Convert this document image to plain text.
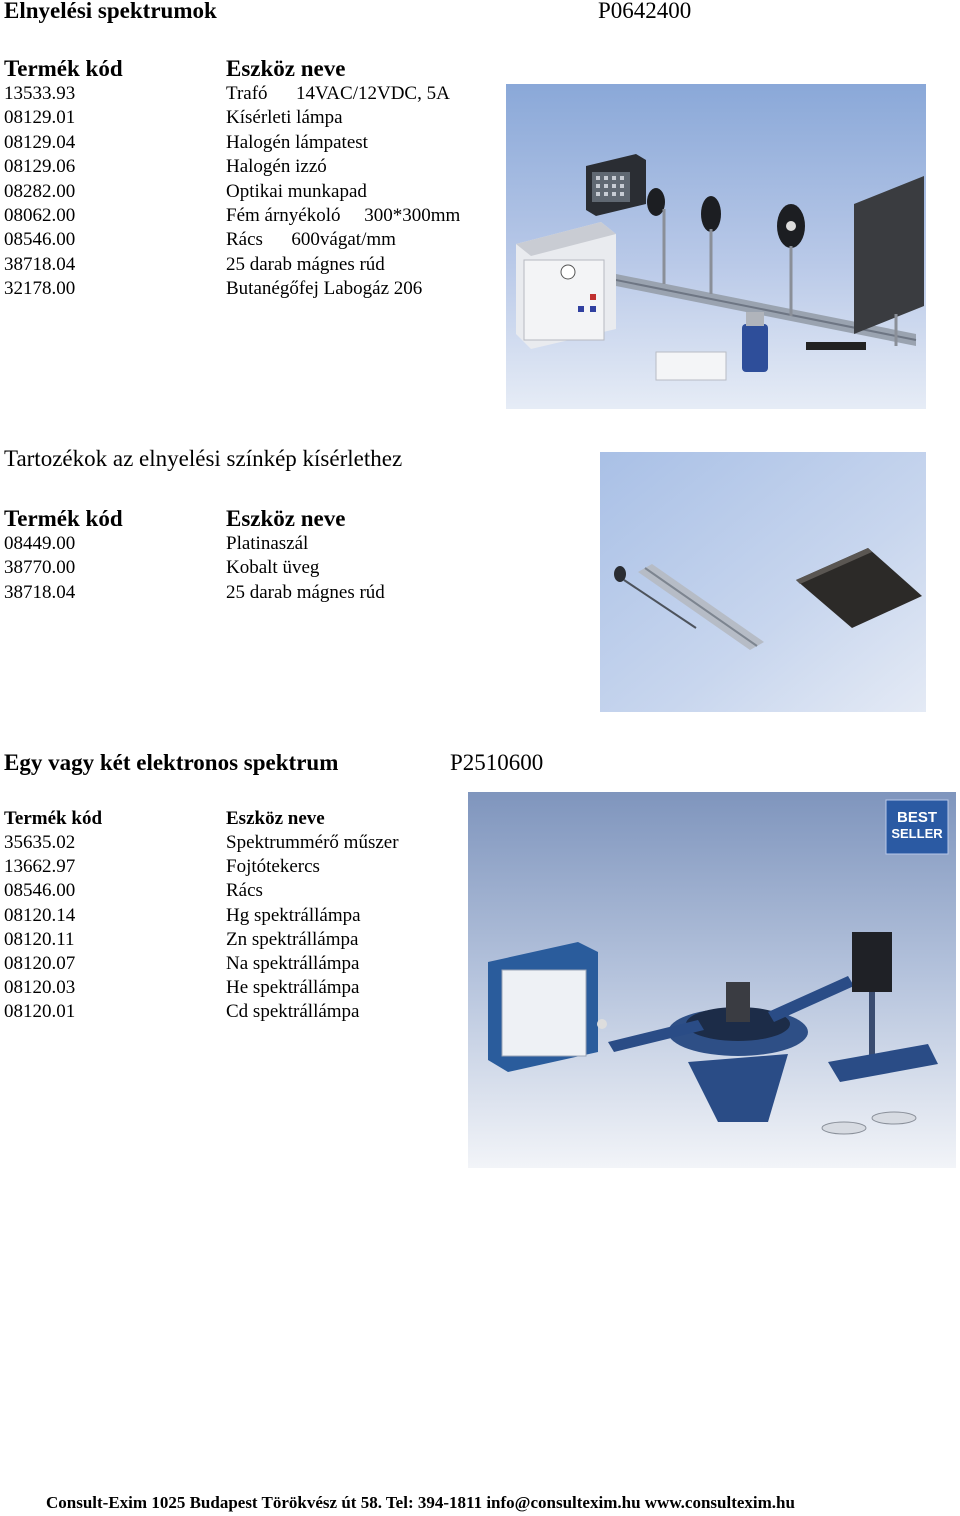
Elnyelési spektrumok	P0642400
Termék kód	Eszköz neve
13533.93	Trafó      14VAC/12VDC, 5A
08129.01	Kísérleti lámpa
08129.04	Halogén lámpatest
08129.06	Halogén izzó
08282.00	Optikai munkapad
08062.00	Fém árnyékoló     300*300mm
08546.00	Rács      600vágat/mm
38718.04	25 darab mágnes rúd
32178.00	Butanégőfej Labogáz 206
Tartozékok az elnyelési színkép kísérlethez
Termék kód	Eszköz neve
08449.00	Platinaszál
38770.00	Kobalt üveg
38718.04	25 darab mágnes rúd
Egy vagy két elektronos spektrum	P2510600
Termék kód	Eszköz neve
35635.02	Spektrummérő műszer
13662.97	Fojtótekercs
08546.00	Rács
08120.14	Hg spektrállámpa
08120.11	Zn spektrállámpa
08120.07	Na spektrállámpa
08120.03	He spektrállámpa
08120.01	Cd spektrállámpa
BEST
SELLER
Consult-Exim 1025 Budapest Törökvész út 58. Tel: 394-1811 info@consultexim.hu www.consultexim.hu
